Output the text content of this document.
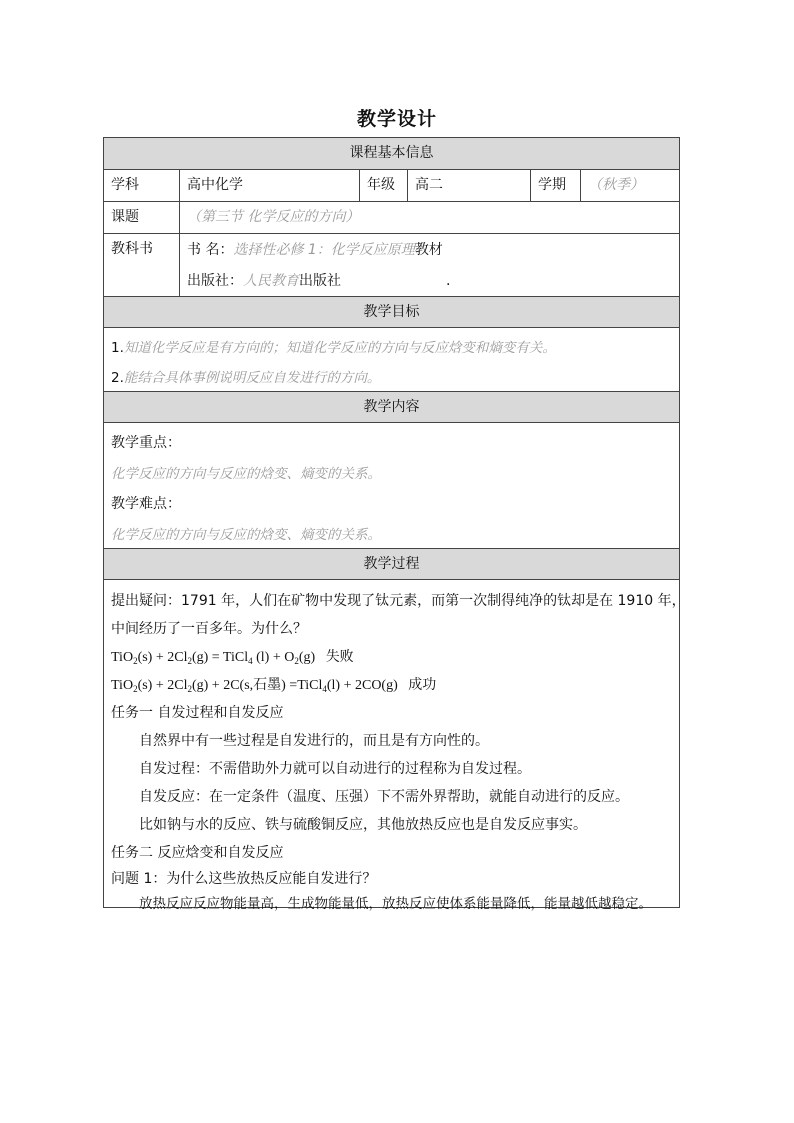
教学设计
课程基本信息
学科	高中化学	年级	高二	学期	（秋季）
课题	（第三节 化学反应的方向）
教科书	书 名：选择性必修 1：化学反应原理教材
出版社：人民教育出版社	.
教学目标
1.知道化学反应是有方向的；知道化学反应的方向与反应焓变和熵变有关。
2.能结合具体事例说明反应自发进行的方向。
教学内容
教学重点：
化学反应的方向与反应的焓变、熵变的关系。
教学难点：
化学反应的方向与反应的焓变、熵变的关系。
教学过程
提出疑问：1791 年，人们在矿物中发现了钛元素，而第一次制得纯净的钛却是在 1910 年，
中间经历了一百多年。为什么？
$TiO_2(s) + 2Cl_2(g)$ = TiCl$_4$ $(l) + O_2(g)$   失败
$TiO_2(s) + 2Cl_2(g) + 2C(s$,石墨) =TiCl$_4$(l) + 2CO(g)   成功
任务一 自发过程和自发反应
自然界中有一些过程是自发进行的，而且是有方向性的。
自发过程：不需借助外力就可以自动进行的过程称为自发过程。
自发反应：在一定条件（温度、压强）下不需外界帮助，就能自动进行的反应。
比如钠与水的反应、铁与硫酸铜反应，其他放热反应也是自发反应事实。
任务二 反应焓变和自发反应
问题 1：为什么这些放热反应能自发进行？
放热反应反应物能量高，生成物能量低，放热反应使体系能量降低，能量越低越稳定。
